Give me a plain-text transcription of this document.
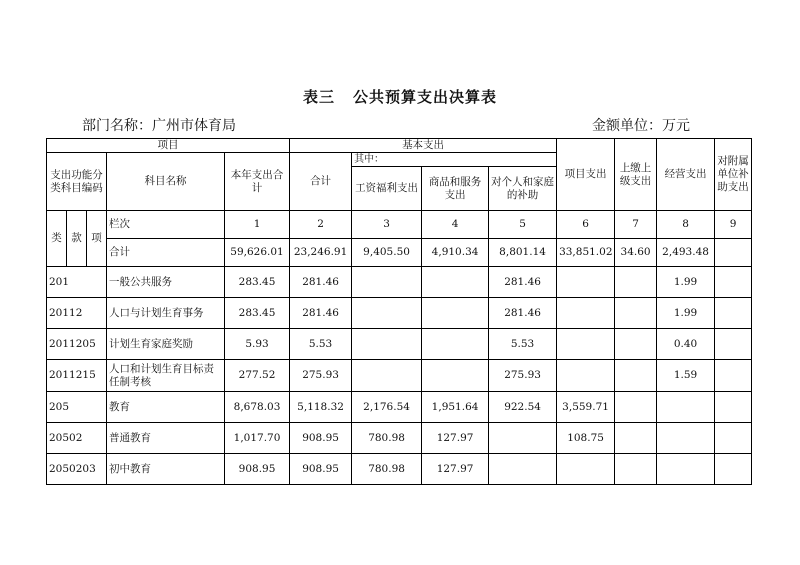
表三 公共预算支出决算表
部门名称：广州市体育局	金额单位：万元
项目					基本支出				项目支出	上缴上级支出	经营支出	对附属单位补助支出
支出功能分类科目编码			科目名称	本年支出合计	合计	其中：						
						工资福利支出	商品和服务支出	对个人和家庭的补助				
类	款	项	栏次	1	2	3	4	5	6	7	8	9
			合计	59,626.01	23,246.91	9,405.50	4,910.34	8,801.14	33,851.02	34.60	2,493.48	
201			一般公共服务	283.45	281.46			281.46			1.99	
20112			人口与计划生育事务	283.45	281.46			281.46			1.99	
2011205			计划生育家庭奖励	5.93	5.53			5.53			0.40	
2011215			人口和计划生育目标责任制考核	277.52	275.93			275.93			1.59	
205			教育	8,678.03	5,118.32	2,176.54	1,951.64	922.54	3,559.71			
20502			普通教育	1,017.70	908.95	780.98	127.97		108.75			
2050203			初中教育	908.95	908.95	780.98	127.97					
